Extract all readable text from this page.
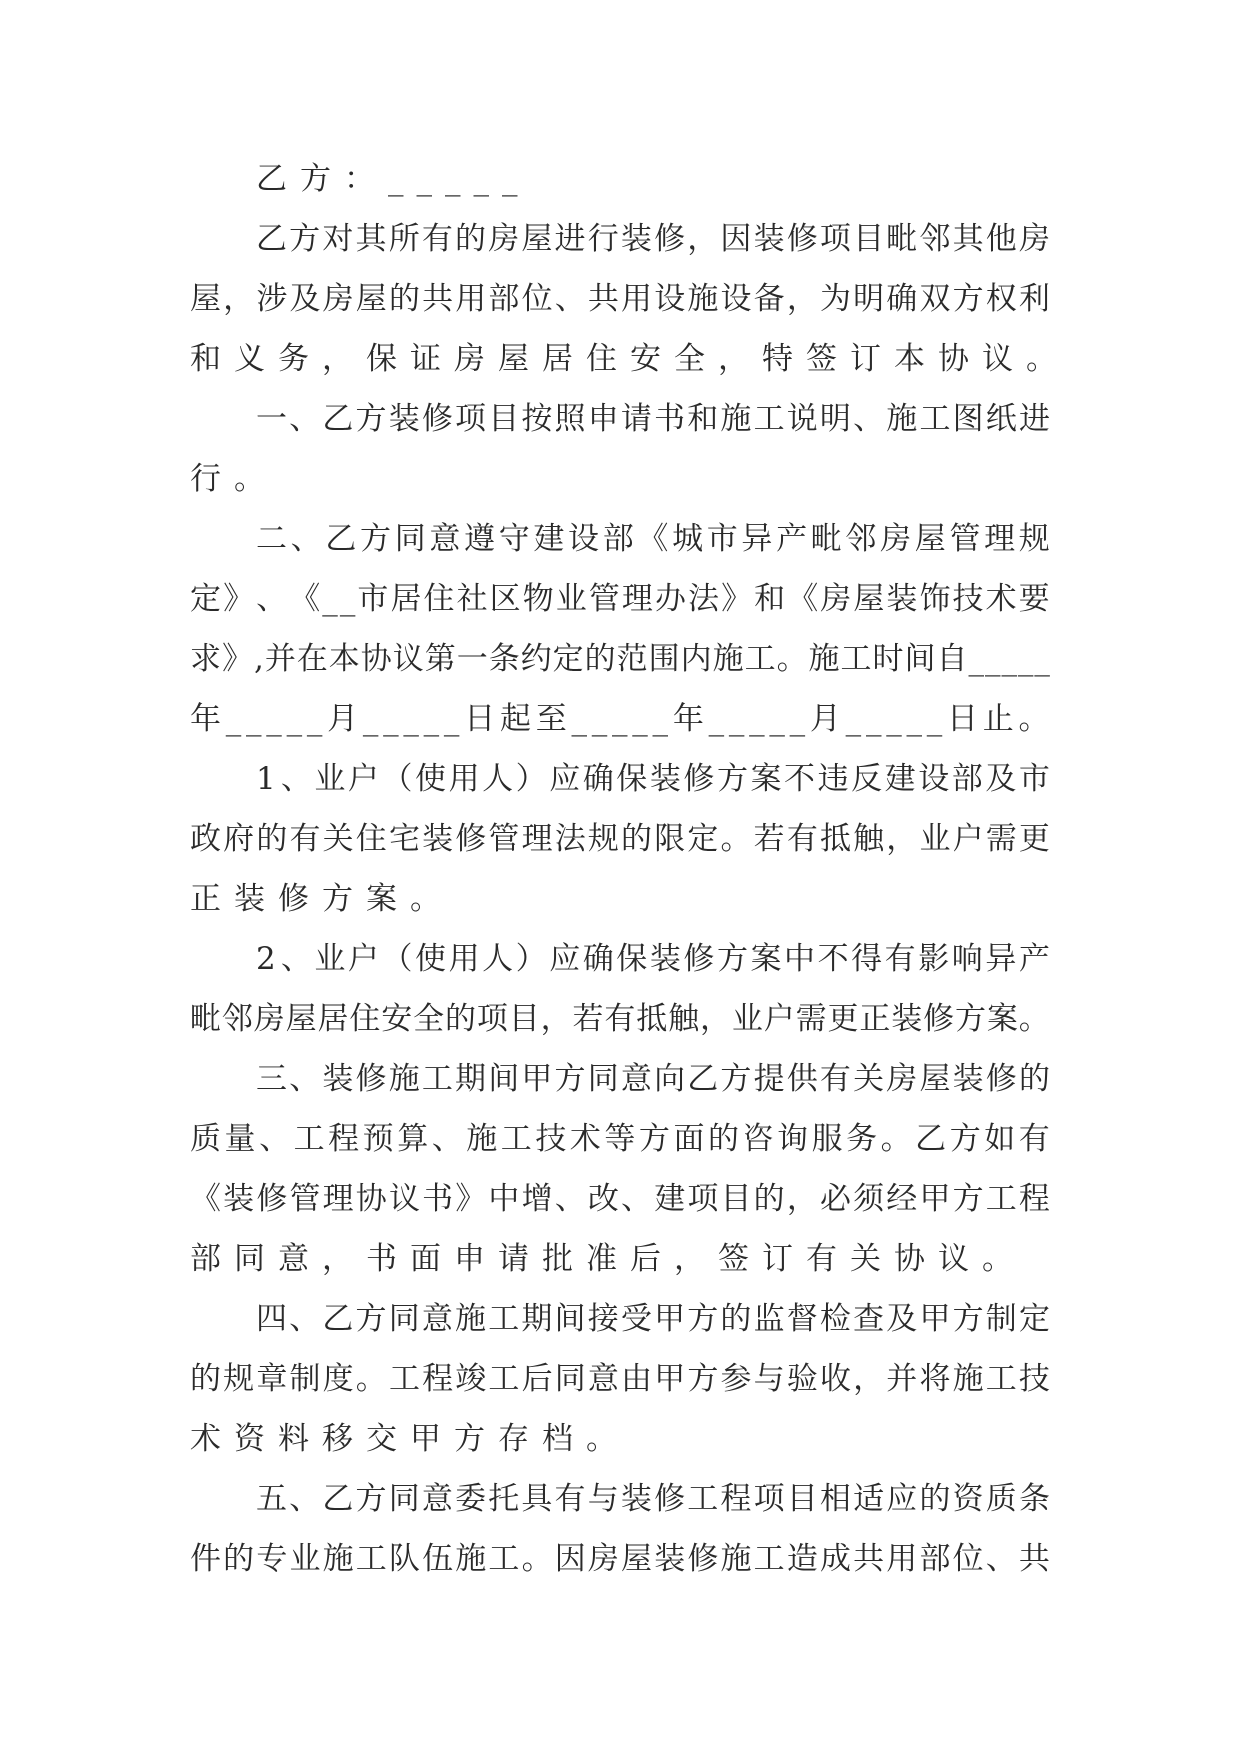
乙方：_____
乙 方 对 其 所 有 的 房 屋 进 行 装 修 ， 因 装 修 项 目 毗 邻 其 他 房
屋 ， 涉 及 房 屋 的 共 用 部 位 、 共 用 设 施 设 备 ， 为 明 确 双 方 权 利
和义务，保证房屋居住安全，特签订本协议。
一 、 乙 方 装 修 项 目 按 照 申 请 书 和 施 工 说 明 、 施 工 图 纸 进
行。
二 、 乙 方 同 意 遵 守 建 设 部 《 城 市 异 产 毗 邻 房 屋 管 理 规
定 》 、 《 _ _ 市 居 住 社 区 物 业 管 理 办 法 》 和 《 房 屋 装 饰 技 术 要
求 》 , 并 在 本 协 议 第 一 条 约 定 的 范 围 内 施 工 。 施 工 时 间 自 _ _ _ _ _
年 _ _ _ _ _ 月 _ _ _ _ _ 日 起 至 _ _ _ _ _ 年 _ _ _ _ _ 月 _ _ _ _ _ 日 止 。
1 、 业 户 （ 使 用 人 ） 应 确 保 装 修 方 案 不 违 反 建 设 部 及 市
政 府 的 有 关 住 宅 装 修 管 理 法 规 的 限 定 。 若 有 抵 触 ， 业 户 需 更
正装修方案。
2 、 业 户 （ 使 用 人 ） 应 确 保 装 修 方 案 中 不 得 有 影 响 异 产
毗 邻 房 屋 居 住 安 全 的 项 目 ， 若 有 抵 触 ， 业 户 需 更 正 装 修 方 案 。
三 、 装 修 施 工 期 间 甲 方 同 意 向 乙 方 提 供 有 关 房 屋 装 修 的
质 量 、 工 程 预 算 、 施 工 技 术 等 方 面 的 咨 询 服 务 。 乙 方 如 有
《 装 修 管 理 协 议 书 》 中 增 、 改 、 建 项 目 的 ， 必 须 经 甲 方 工 程
部同意，书面申请批准后，签订有关协议。
四 、 乙 方 同 意 施 工 期 间 接 受 甲 方 的 监 督 检 查 及 甲 方 制 定
的 规 章 制 度 。 工 程 竣 工 后 同 意 由 甲 方 参 与 验 收 ， 并 将 施 工 技
术资料移交甲方存档。
五 、 乙 方 同 意 委 托 具 有 与 装 修 工 程 项 目 相 适 应 的 资 质 条
件 的 专 业 施 工 队 伍 施 工 。 因 房 屋 装 修 施 工 造 成 共 用 部 位 、 共
